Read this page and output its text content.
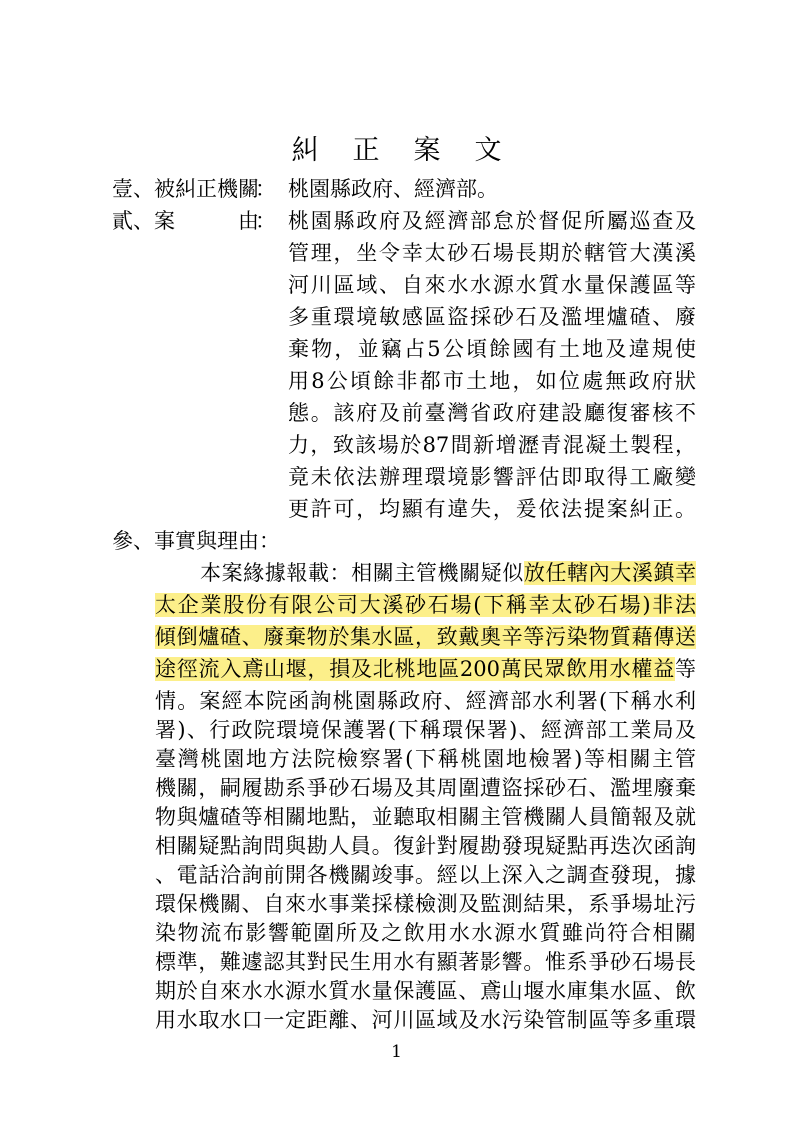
糾正案文
壹、被糾正機關
： 桃園縣政府、經濟部。
貳、案　　　由
： 桃園縣政府及經濟部怠於督促所屬巡查及
管理，坐令幸太砂石場長期於轄管大漢溪
河川區域、自來水水源水質水量保護區等
多重環境敏感區盜採砂石及濫埋爐碴、廢
棄物，並竊占5公頃餘國有土地及違規使
用8公頃餘非都市土地，如位處無政府狀
態。該府及前臺灣省政府建設廳復審核不
力，致該場於87間新增瀝青混凝土製程，
竟未依法辦理環境影響評估即取得工廠變
更許可，均顯有違失，爰依法提案糾正。
參、事實與理由：
本案緣據報載：相關主管機關疑似放任轄內大溪鎮幸
太企業股份有限公司大溪砂石場(下稱幸太砂石場)非法
傾倒爐碴、廢棄物於集水區，致戴奧辛等污染物質藉傳送
途徑流入鳶山堰，損及北桃地區200萬民眾飲用水權益等
情。案經本院函詢桃園縣政府、經濟部水利署(下稱水利
署)、行政院環境保護署(下稱環保署)、經濟部工業局及
臺灣桃園地方法院檢察署(下稱桃園地檢署)等相關主管
機關，嗣履勘系爭砂石場及其周圍遭盜採砂石、濫埋廢棄
物與爐碴等相關地點，並聽取相關主管機關人員簡報及就
相關疑點詢問與勘人員。復針對履勘發現疑點再迭次函詢
、電話洽詢前開各機關竣事。經以上深入之調查發現，據
環保機關、自來水事業採樣檢測及監測結果，系爭場址污
染物流布影響範圍所及之飲用水水源水質雖尚符合相關
標準，難遽認其對民生用水有顯著影響。惟系爭砂石場長
期於自來水水源水質水量保護區、鳶山堰水庫集水區、飲
1
用水取水口一定距離、河川區域及水污染管制區等多重環
